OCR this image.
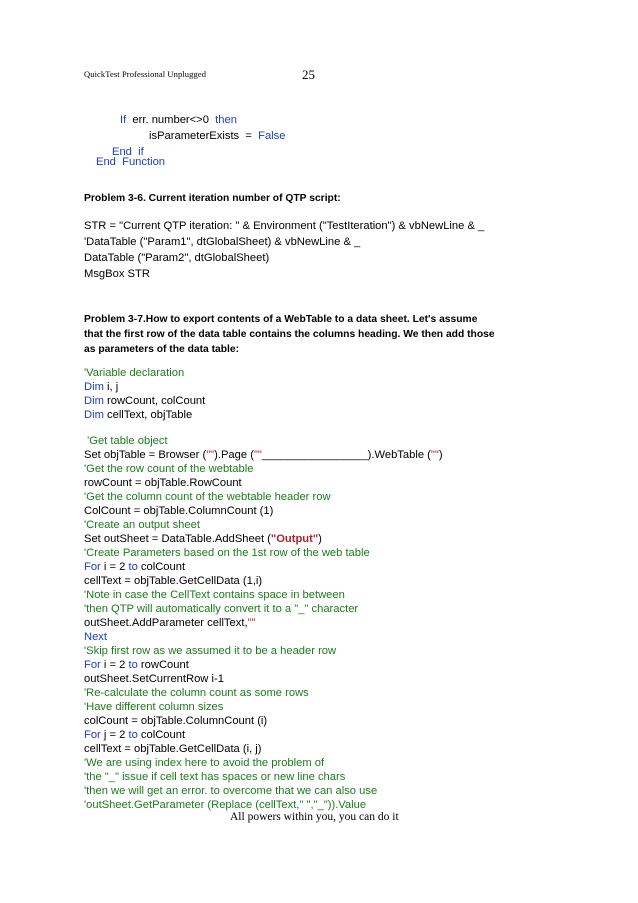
QuickTest Professional Unplugged	25
If  err. number<>0  then
isParameterExists  =  False
End  if
End  Function
Problem 3-6. Current iteration number of QTP script:
STR = "Current QTP iteration: " & Environment ("TestIteration") & vbNewLine & _
'DataTable ("Param1", dtGlobalSheet) & vbNewLine & _
DataTable ("Param2", dtGlobalSheet)
MsgBox STR
Problem 3-7.How to export contents of a WebTable to a data sheet. Let's assume
that the first row of the data table contains the columns heading. We then add those
as parameters of the data table:
'Variable declaration
Dim i, j
Dim rowCount, colCount
Dim cellText, objTable
'Get table object
Set objTable = Browser ("").Page (""_________________).WebTable ("")
'Get the row count of the webtable
rowCount = objTable.RowCount
'Get the column count of the webtable header row
ColCount = objTable.ColumnCount (1)
'Create an output sheet
Set outSheet = DataTable.AddSheet ("Output")
'Create Parameters based on the 1st row of the web table
For i = 2 to colCount
cellText = objTable.GetCellData (1,i)
'Note in case the CellText contains space in between
'then QTP will automatically convert it to a "_" character
outSheet.AddParameter cellText,""
Next
'Skip first row as we assumed it to be a header row
For i = 2 to rowCount
outSheet.SetCurrentRow i-1
'Re-calculate the column count as some rows
'Have different column sizes
colCount = objTable.ColumnCount (i)
For j = 2 to colCount
cellText = objTable.GetCellData (i, j)
'We are using index here to avoid the problem of
'the "_" issue if cell text has spaces or new line chars
'then we will get an error. to overcome that we can also use
'outSheet.GetParameter (Replace (cellText," ","_")).Value
All powers within you, you can do it
